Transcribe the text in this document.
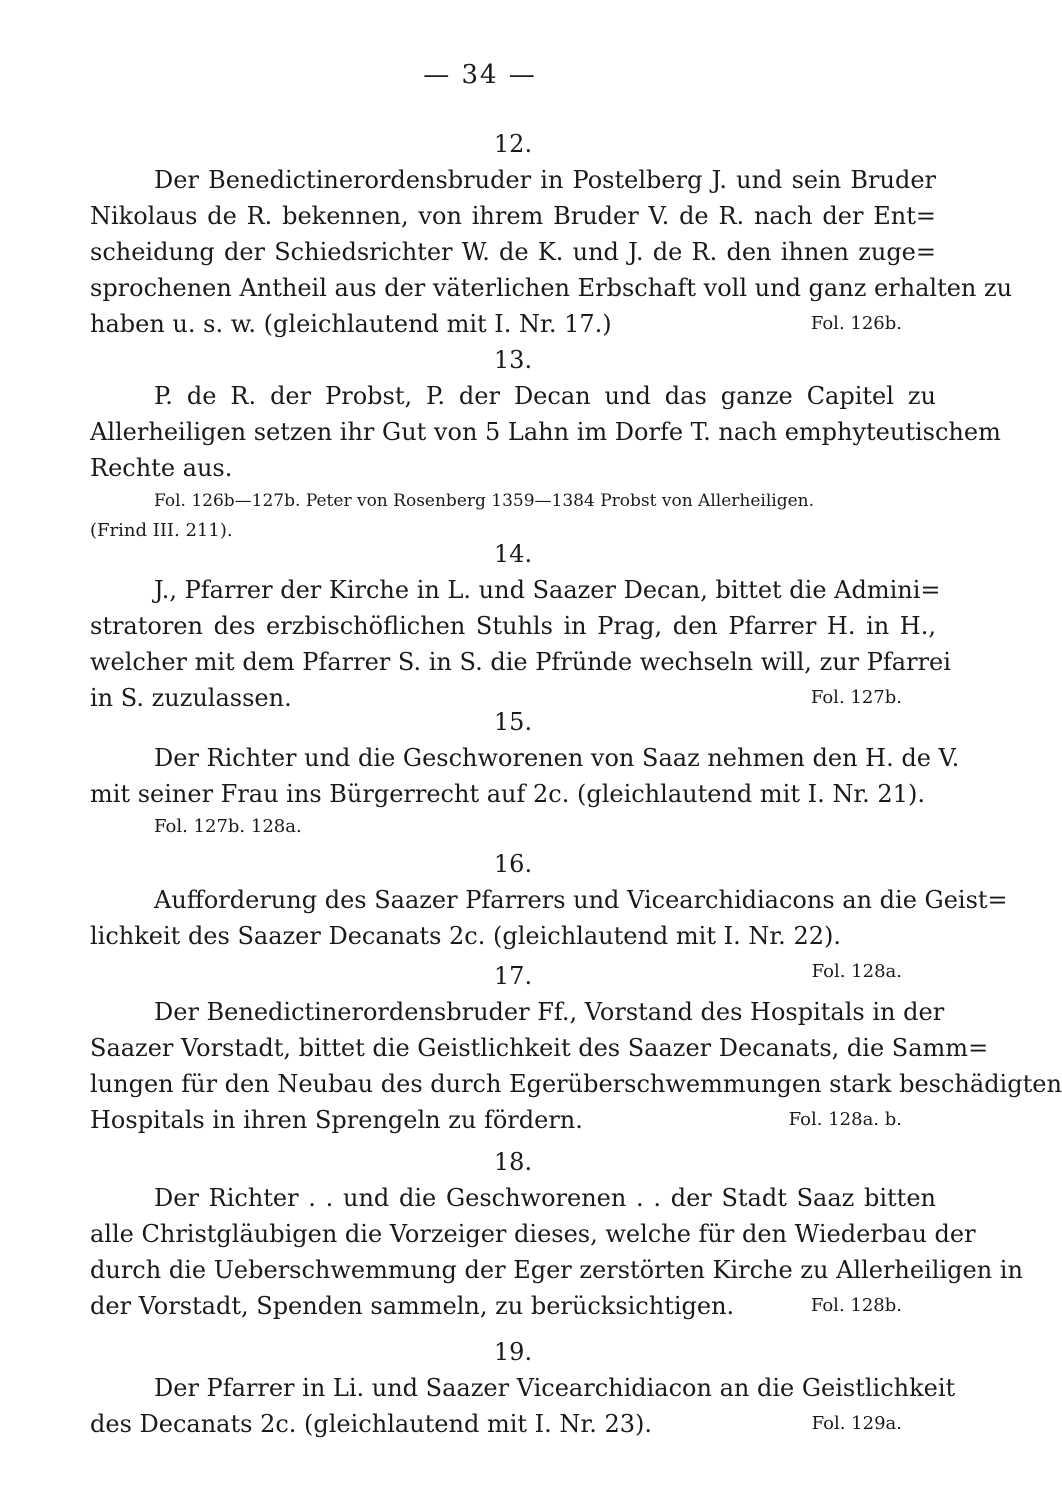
— 34 —
12.
Der Benedictinerordensbruder in Postelberg J. und sein Bruder
Nikolaus de R. bekennen, von ihrem Bruder V. de R. nach der Ent=
scheidung der Schiedsrichter W. de K. und J. de R. den ihnen zuge=
sprochenen Antheil aus der väterlichen Erbschaft voll und ganz erhalten zu
haben u. s. w. (gleichlautend mit I. Nr. 17.)	Fol. 126b.
13.
P. de R. der Probst, P. der Decan und das ganze Capitel zu
Allerheiligen setzen ihr Gut von 5 Lahn im Dorfe T. nach emphyteutischem
Rechte aus.
Fol. 126b—127b. Peter von Rosenberg 1359—1384 Probst von Allerheiligen.
(Frind III. 211).
14.
J., Pfarrer der Kirche in L. und Saazer Decan, bittet die Admini=
stratoren des erzbischöflichen Stuhls in Prag, den Pfarrer H. in H.,
welcher mit dem Pfarrer S. in S. die Pfründe wechseln will, zur Pfarrei
in S. zuzulassen.	Fol. 127b.
15.
Der Richter und die Geschworenen von Saaz nehmen den H. de V.
mit seiner Frau ins Bürgerrecht auf 2c. (gleichlautend mit I. Nr. 21).
Fol. 127b. 128a.
16.
Aufforderung des Saazer Pfarrers und Vicearchidiacons an die Geist=
lichkeit des Saazer Decanats 2c. (gleichlautend mit I. Nr. 22).
Fol. 128a.
17.
Der Benedictinerordensbruder Ff., Vorstand des Hospitals in der
Saazer Vorstadt, bittet die Geistlichkeit des Saazer Decanats, die Samm=
lungen für den Neubau des durch Egerüberschwemmungen stark beschädigten
Hospitals in ihren Sprengeln zu fördern.	Fol. 128a. b.
18.
Der Richter . . und die Geschworenen . . der Stadt Saaz bitten
alle Christgläubigen die Vorzeiger dieses, welche für den Wiederbau der
durch die Ueberschwemmung der Eger zerstörten Kirche zu Allerheiligen in
der Vorstadt, Spenden sammeln, zu berücksichtigen.	Fol. 128b.
19.
Der Pfarrer in Li. und Saazer Vicearchidiacon an die Geistlichkeit
des Decanats 2c. (gleichlautend mit I. Nr. 23).	Fol. 129a.
